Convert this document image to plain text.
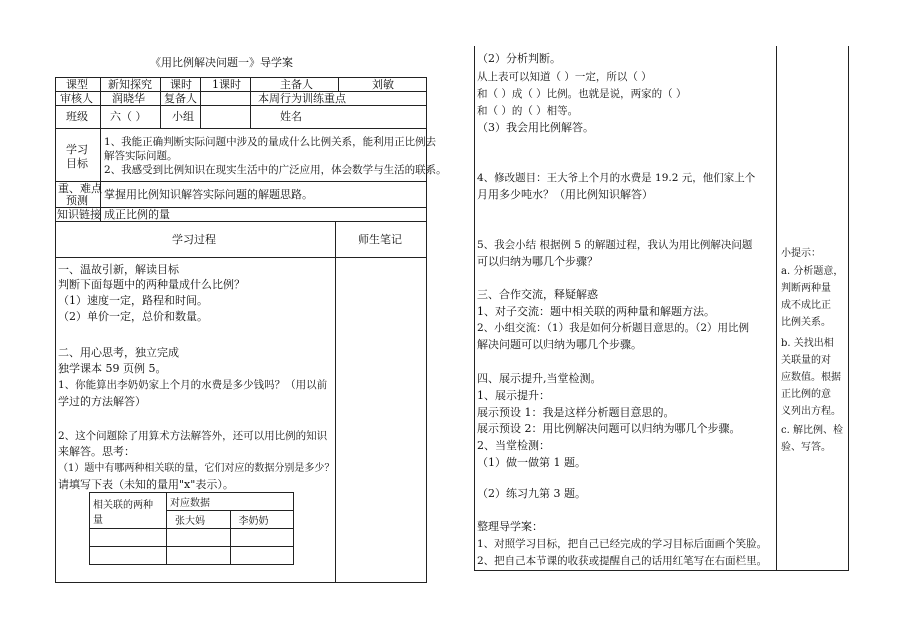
《用比例解决问题一》导学案
课型 新知探究 课时 1课时	主备人	刘敏
审核人 润晓华 复备人	本周行为训练重点
班级 六（ ） 小组	姓名
学习
目标
1、我能正确判断实际问题中涉及的量成什么比例关系，能利用正比例去
解答实际问题。
2、我感受到比例知识在现实生活中的广泛应用，体会数学与生活的联系。
重、难点
预测 掌握用比例知识解答实际问题的解题思路。
知识链接 成正比例的量
学习过程	师生笔记
一、温故引新，解读目标
判断下面每题中的两种量成什么比例？
（1）速度一定，路程和时间。
（2）单价一定，总价和数量。
二、用心思考，独立完成
独学课本 59 页例 5。
1、你能算出李奶奶家上个月的水费是多少钱吗？（用以前
学过的方法解答）
2、这个问题除了用算术方法解答外，还可以用比例的知识
来解答。思考：
（1）题中有哪两种相关联的量，它们对应的数据分别是多少？
请填写下表（未知的量用"x"表示）。
相关联的两种
量	对应数据	
	张大妈	李奶奶

（2）分析判断。
从上表可以知道（ ）一定，所以（ ）
和（ ）成（ ）比例。也就是说，两家的（ ）
和（ ）的（ ）相等。
（3）我会用比例解答。
4、修改题目：王大爷上个月的水费是 19.2 元，他们家上个
月用多少吨水？（用比例知识解答）
5、我会小结 根据例 5 的解题过程，我认为用比例解决问题
可以归纳为哪几个步骤？
三、合作交流，释疑解惑
1、对子交流：题中相关联的两种量和解题方法。
2、小组交流：（1）我是如何分析题目意思的。（2）用比例
解决问题可以归纳为哪几个步骤。
四、展示提升,当堂检测。
1、展示提升：
展示预设 1：我是这样分析题目意思的。
展示预设 2：用比例解决问题可以归纳为哪几个步骤。
2、当堂检测：
（1）做一做第 1 题。
（2）练习九第 3 题。
整理导学案：
1、对照学习目标，把自己已经完成的学习目标后面画个笑脸。
2、把自己本节课的收获或提醒自己的话用红笔写在右面栏里。
小提示：
a. 分析题意，
判断两种量
成不成比正
比例关系。
b. 关找出相
关联量的对
应数值。根据
正比例的意
义列出方程。
c. 解比例、检
验、写答。
